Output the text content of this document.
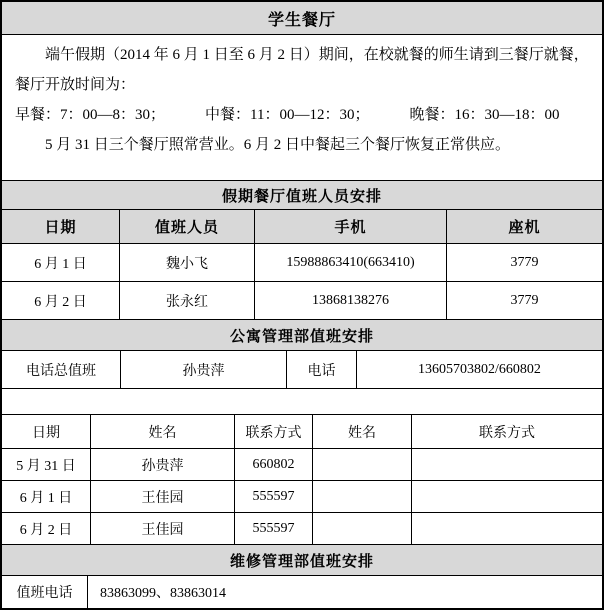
学生餐厅

端午假期（2014 年 6 月 1 日至 6 月 2 日）期间，在校就餐的师生请到三餐厅就餐，餐厅开放时间为：

早餐：7：00—8：30；	中餐：11：00—12：30；	晚餐：16：30—18：00

5 月 31 日三个餐厅照常营业。6 月 2 日中餐起三个餐厅恢复正常供应。

假期餐厅值班人员安排
日期	值班人员	手机	座机
6 月 1 日	魏小飞	15988863410(663410)	3779
6 月 2 日	张永红	13868138276	3779
公寓管理部值班安排
电话总值班	孙贵萍	电话	13605703802/660802
日期	姓名	联系方式	姓名	联系方式
5 月 31 日	孙贵萍	660802
6 月 1 日	王佳园	555597
6 月 2 日	王佳园	555597
维修管理部值班安排
值班电话	83863099、83863014
